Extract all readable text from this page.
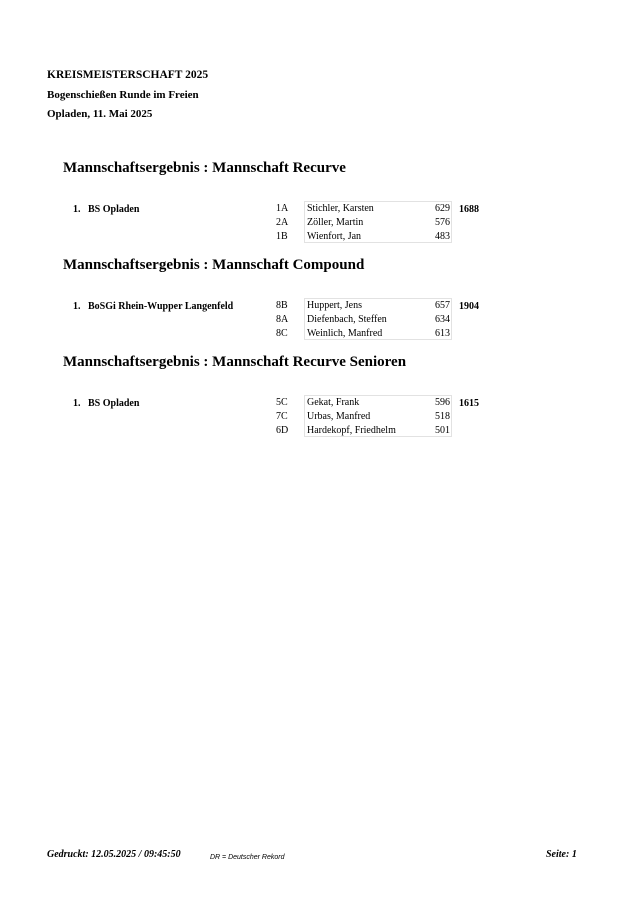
KREISMEISTERSCHAFT 2025
Bogenschießen Runde im Freien
Opladen, 11. Mai 2025
Mannschaftsergebnis : Mannschaft Recurve
1. BS Opladen	1A Stichler, Karsten	629
2A Zöller, Martin	576
1B Wienfort, Jan	483
1688
Mannschaftsergebnis : Mannschaft Compound
1. BoSGi Rhein-Wupper Langenfeld	8B Huppert, Jens	657
8A Diefenbach, Steffen	634
8C Weinlich, Manfred	613
1904
Mannschaftsergebnis : Mannschaft Recurve Senioren
1. BS Opladen	5C Gekat, Frank	596
7C Urbas, Manfred	518
6D Hardekopf, Friedhelm	501
1615
Gedruckt: 12.05.2025 / 09:45:50	DR = Deutscher Rekord	Seite: 1
